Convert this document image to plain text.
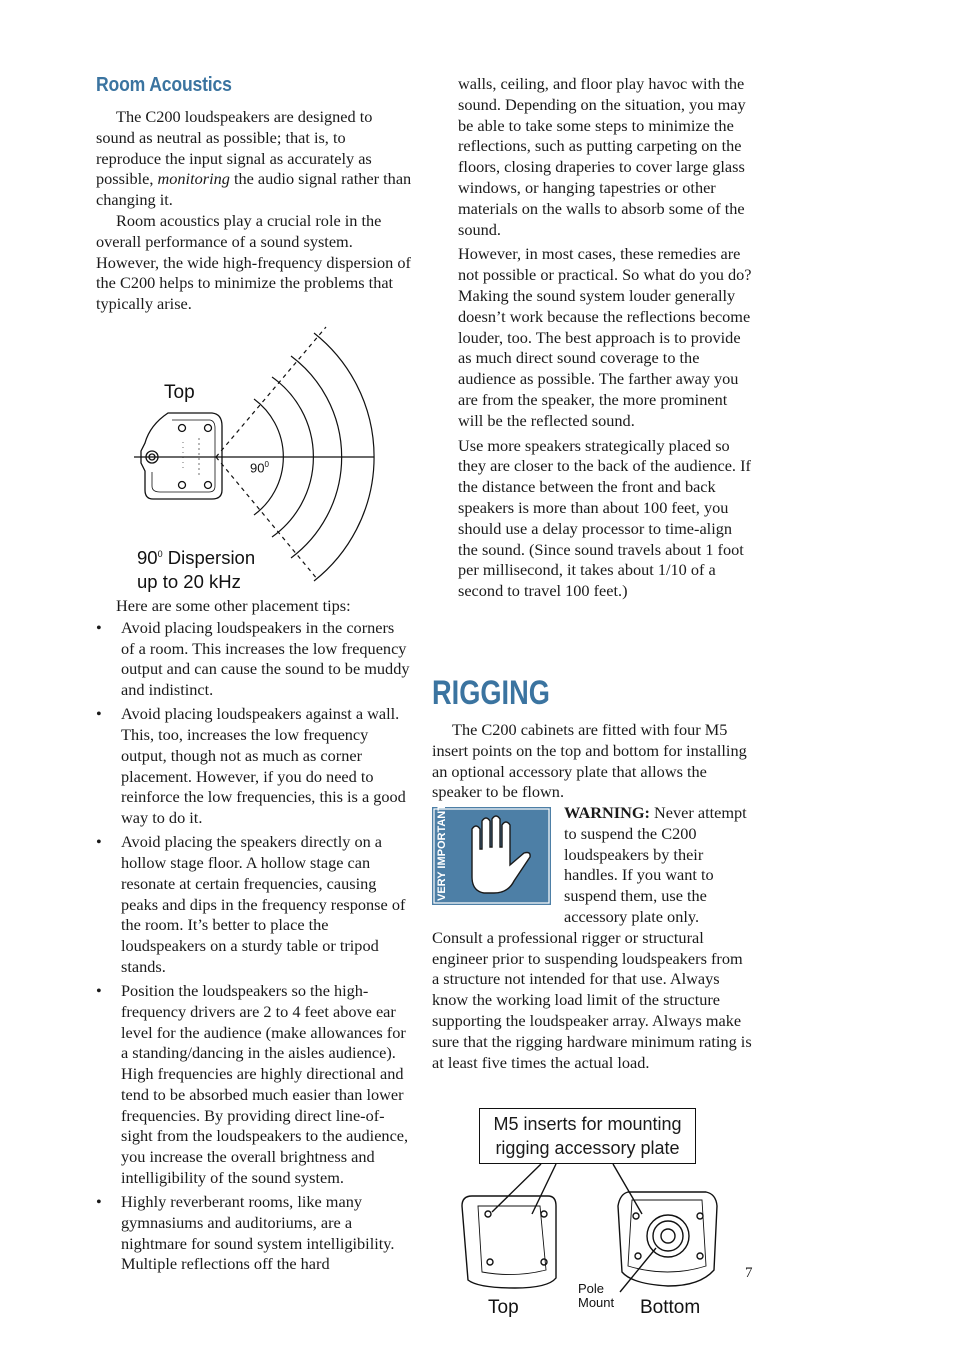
Room Acoustics

The C200 loudspeakers are designed to sound as neutral as possible; that is, to reproduce the input signal as accurately as possible, monitoring the audio signal rather than changing it.

Room acoustics play a crucial role in the overall performance of a sound system. However, the wide high-frequency dispersion of the C200 helps to minimize the problems that typically arise.

Top
$90^0$
$90^0$ Dispersion
up to 20 kHz

Here are some other placement tips:

• Avoid placing loudspeakers in the corners of a room. This increases the low frequency output and can cause the sound to be muddy and indistinct.
• Avoid placing loudspeakers against a wall. This, too, increases the low frequency output, though not as much as corner placement. However, if you do need to reinforce the low frequencies, this is a good way to do it.
• Avoid placing the speakers directly on a hollow stage floor. A hollow stage can resonate at certain frequencies, causing peaks and dips in the frequency response of the room. It’s better to place the loudspeakers on a sturdy table or tripod stands.
• Position the loudspeakers so the high-frequency drivers are 2 to 4 feet above ear level for the audience (make allowances for a standing/dancing in the aisles audience). High frequencies are highly directional and tend to be absorbed much easier than lower frequencies. By providing direct line-of-sight from the loudspeakers to the audience, you increase the overall brightness and intelligibility of the sound system.
• Highly reverberant rooms, like many gymnasiums and auditoriums, are a nightmare for sound system intelligibility. Multiple reflections off the hard

walls, ceiling, and floor play havoc with the sound. Depending on the situation, you may be able to take some steps to minimize the reflections, such as putting carpeting on the floors, closing draperies to cover large glass windows, or hanging tapestries or other materials on the walls to absorb some of the sound.

However, in most cases, these remedies are not possible or practical. So what do you do? Making the sound system louder generally doesn’t work because the reflections become louder, too. The best approach is to provide as much direct sound coverage to the audience as possible. The farther away you are from the speaker, the more prominent will be the reflected sound.

Use more speakers strategically placed so they are closer to the back of the audience. If the distance between the front and back speakers is more than about 100 feet, you should use a delay processor to time-align the sound. (Since sound travels about 1 foot per millisecond, it takes about 1/10 of a second to travel 100 feet.)

RIGGING

The C200 cabinets are fitted with four M5 insert points on the top and bottom for installing an optional accessory plate that allows the speaker to be flown.

VERY IMPORTANT	WARNING: Never attempt to suspend the C200 loudspeakers by their handles. If you want to suspend them, use the accessory plate only. Consult a professional rigger or structural engineer prior to suspending loudspeakers from a structure not intended for that use. Always know the working load limit of the structure supporting the loudspeaker array. Always make sure that the rigging hardware minimum rating is at least five times the actual load.

M5 inserts for mounting
rigging accessory plate
Top	Bottom
Pole
Mount
7
